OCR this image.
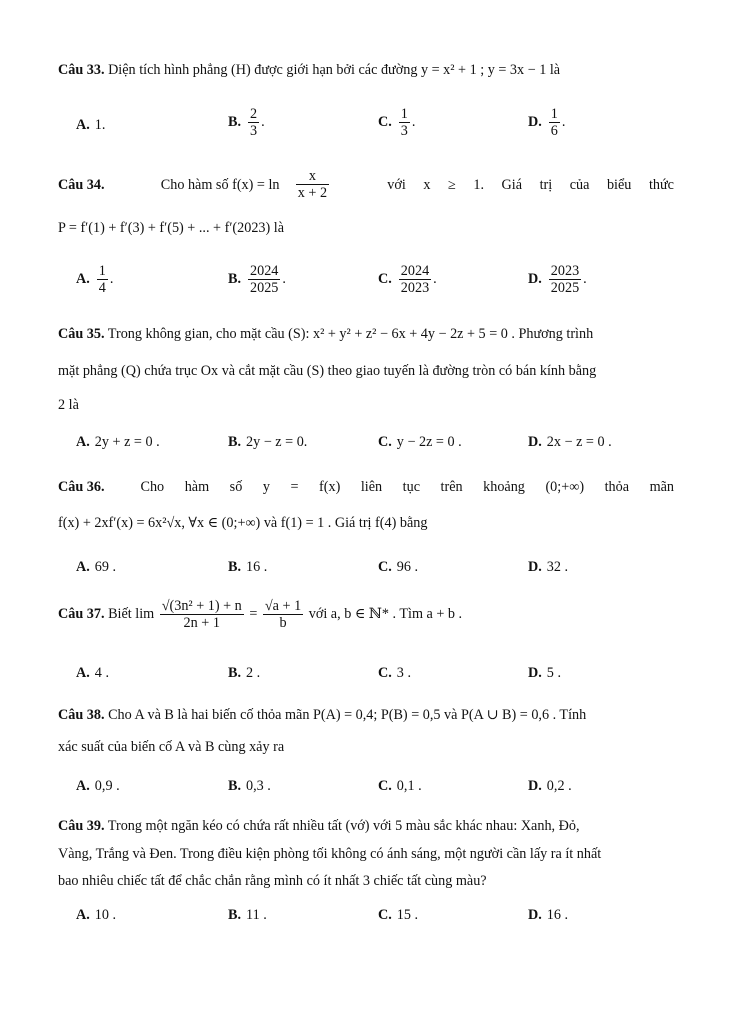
Câu 33. Diện tích hình phẳng (H) được giới hạn bởi các đường y = x² + 1 ; y = 3x − 1 là
A. 1.	B. $\frac{2}{3}$ .	C. $\frac{1}{3}$ .	D. $\frac{1}{6}$ .
Câu 34.	Cho hàm số $f(x) = \ln \frac{x}{x + 2}$	với x ≥ 1. Giá trị của biểu thức
P = f′(1) + f′(3) + f′(5) + ... + f′(2023) là
A. $\frac{1}{4}$ .	B. $\frac{2024}{2025}$ .	C. $\frac{2024}{2023}$ .	D. $\frac{2023}{2025}$ .
Câu 35. Trong không gian, cho mặt cầu (S): x² + y² + z² − 6x + 4y − 2z + 5 = 0 . Phương trình
mặt phẳng (Q) chứa trục Ox và cắt mặt cầu (S) theo giao tuyến là đường tròn có bán kính bằng
2 là
A. 2y + z = 0 .	B. 2y − z = 0.	C. y − 2z = 0 .	D. 2x − z = 0 .
Câu 36.	Cho hàm số y = f(x) liên tục trên khoảng (0;+∞) thỏa mãn
f(x) + 2xf′(x) = 6x²√x, ∀x ∈ (0;+∞) và f(1) = 1 . Giá trị f(4) bằng
A. 69 .	B. 16 .	C. 96 .	D. 32 .
Câu 37. Biết $\lim \frac{\text{√(3n² + 1) + n}}{2n + 1} = \frac{√a + 1}{b}$ với a, b ∈ ℕ* . Tìm a + b .
A. 4 .	B. 2 .	C. 3 .	D. 5 .
Câu 38. Cho A và B là hai biến cố thỏa mãn P(A) = 0,4; P(B) = 0,5 và P(A ∪ B) = 0,6 . Tính
xác suất của biến cố A và B cùng xảy ra
A. 0,9 .	B. 0,3 .	C. 0,1 .	D. 0,2 .
Câu 39. Trong một ngăn kéo có chứa rất nhiều tất (vớ) với 5 màu sắc khác nhau: Xanh, Đỏ,
Vàng, Trắng và Đen. Trong điều kiện phòng tối không có ánh sáng, một người cần lấy ra ít nhất
bao nhiêu chiếc tất để chắc chắn rằng mình có ít nhất 3 chiếc tất cùng màu?
A. 10 .	B. 11 .	C. 15 .	D. 16 .
